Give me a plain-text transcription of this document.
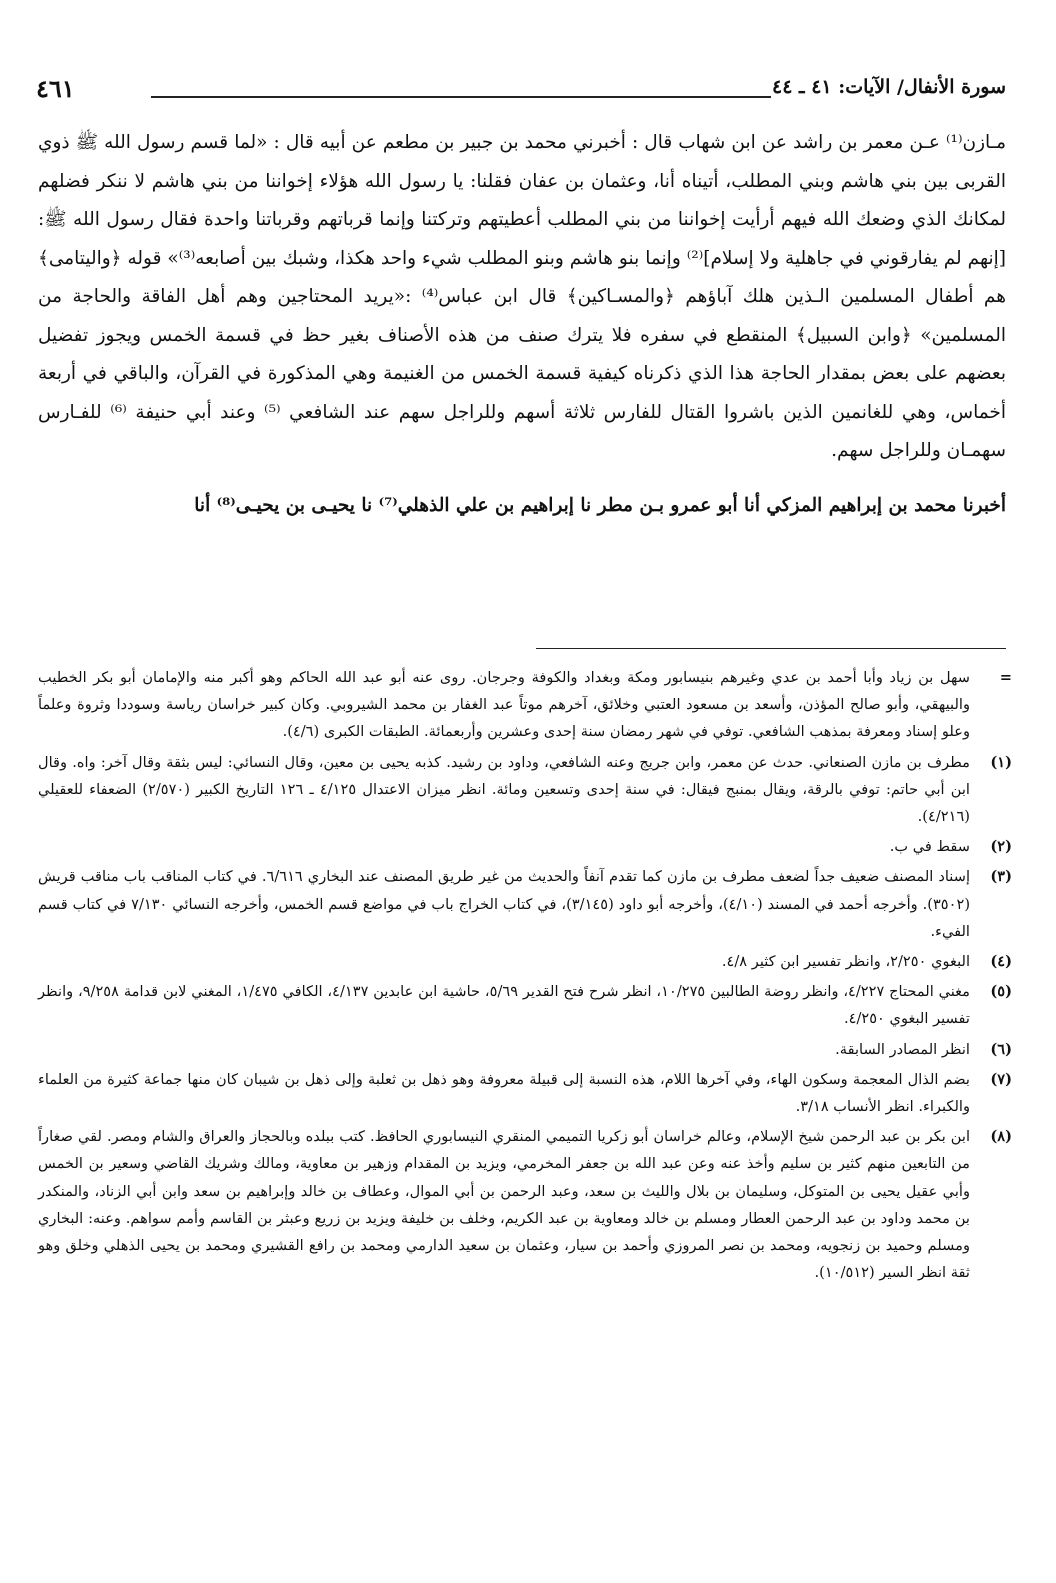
سورة الأنفال/ الآيات: ٤١ ـ ٤٤
٤٦١

مـازن⁽¹⁾ عـن معمر بن راشد عن ابن شهاب قال : أخبرني محمد بن جبير بن مطعم عن أبيه قال : «لما قسم رسول الله ﷺ ذوي القربى بين بني هاشم وبني المطلب، أتيناه أنا، وعثمان بن عفان فقلنا: يا رسول الله هؤلاء إخواننا من بني هاشم لا ننكر فضلهم لمكانك الذي وضعك الله فيهم أرأيت إخواننا من بني المطلب أعطيتهم وتركتنا وإنما قرباتهم وقرباتنا واحدة فقال رسول الله ﷺ: [إنهم لم يفارقوني في جاهلية ولا إسلام]⁽²⁾ وإنما بنو هاشم وبنو المطلب شيء واحد هكذا، وشبك بين أصابعه⁽³⁾» قوله ﴿واليتامى﴾ هم أطفال المسلمين الـذين هلك آباؤهم ﴿والمسـاكين﴾ قال ابن عباس⁽⁴⁾ :«يريد المحتاجين وهم أهل الفاقة والحاجة من المسلمين» ﴿وابن السبيل﴾ المنقطع في سفره فلا يترك صنف من هذه الأصناف بغير حظ في قسمة الخمس ويجوز تفضيل بعضهم على بعض بمقدار الحاجة هذا الذي ذكرناه كيفية قسمة الخمس من الغنيمة وهي المذكورة في القرآن، والباقي في أربعة أخماس، وهي للغانمين الذين باشروا القتال للفارس ثلاثة أسهم وللراجل سهم عند الشافعي ⁽⁵⁾ وعند أبي حنيفة ⁽⁶⁾ للفـارس سهمـان وللراجل سهم.

أخبرنا محمد بن إبراهيم المزكي أنا أبو عمرو بـن مطر نا إبراهيم بن علي الذهلي⁽⁷⁾ نا يحيـى بن يحيـى⁽⁸⁾ أنا

=
سهل بن زياد وأبا أحمد بن عدي وغيرهم بنيسابور ومكة وبغداد والكوفة وجرجان. روى عنه أبو عبد الله الحاكم وهو أكبر منه والإمامان أبو بكر الخطيب والبيهقي، وأبو صالح المؤذن، وأسعد بن مسعود العتبي وخلائق، آخرهم موتاً عبد الغفار بن محمد الشيروبي. وكان كبير خراسان رياسة وسوددا وثروة وعلماً وعلو إسناد ومعرفة بمذهب الشافعي. توفي في شهر رمضان سنة إحدى وعشرين وأربعمائة. الطبقات الكبرى (٤/٦).
(١)
مطرف بن مازن الصنعاني. حدث عن معمر، وابن جريج وعنه الشافعي، وداود بن رشيد. كذبه يحيى بن معين، وقال النسائي: ليس بثقة وقال آخر: واه. وقال ابن أبي حاتم: توفي بالرقة، ويقال بمنبج فيقال: في سنة إحدى وتسعين ومائة. انظر ميزان الاعتدال ٤/١٢٥ ـ ١٢٦ التاريخ الكبير (٢/٥٧٠) الضعفاء للعقيلي (٤/٢١٦).
(٢)
سقط في ب.
(٣)
إسناد المصنف ضعيف جداً لضعف مطرف بن مازن كما تقدم آنفاً والحديث من غير طريق المصنف عند البخاري ٦/٦١٦. في كتاب المناقب باب مناقب قريش (٣٥٠٢). وأخرجه أحمد في المسند (٤/١٠)، وأخرجه أبو داود (٣/١٤٥)، في كتاب الخراج باب في مواضع قسم الخمس، وأخرجه النسائي ٧/١٣٠ في كتاب قسم الفيء.
(٤)
البغوي ٢/٢٥٠، وانظر تفسير ابن كثير ٤/٨.
(٥)
مغني المحتاج ٤/٢٢٧، وانظر روضة الطالبين ١٠/٢٧٥، انظر شرح فتح القدير ٥/٦٩، حاشية ابن عابدين ٤/١٣٧، الكافي ١/٤٧٥، المغني لابن قدامة ٩/٢٥٨، وانظر تفسير البغوي ٤/٢٥٠.
(٦)
انظر المصادر السابقة.
(٧)
بضم الذال المعجمة وسكون الهاء، وفي آخرها اللام، هذه النسبة إلى قبيلة معروفة وهو ذهل بن ثعلبة وإلى ذهل بن شيبان كان منها جماعة كثيرة من العلماء والكبراء. انظر الأنساب ٣/١٨.
(٨)
ابن بكر بن عبد الرحمن شيخ الإسلام، وعالم خراسان أبو زكريا التميمي المنقري النيسابوري الحافظ. كتب ببلده وبالحجاز والعراق والشام ومصر. لقي صغاراً من التابعين منهم كثير بن سليم وأخذ عنه وعن عبد الله بن جعفر المخرمي، ويزيد بن المقدام وزهير بن معاوية، ومالك وشريك القاضي وسعير بن الخمس وأبي عقيل يحيى بن المتوكل، وسليمان بن بلال والليث بن سعد، وعبد الرحمن بن أبي الموال، وعطاف بن خالد وإبراهيم بن سعد وابن أبي الزناد، والمنكدر بن محمد وداود بن عبد الرحمن العطار ومسلم بن خالد ومعاوية بن عبد الكريم، وخلف بن خليفة ويزيد بن زريع وعبثر بن القاسم وأمم سواهم. وعنه: البخاري ومسلم وحميد بن زنجويه، ومحمد بن نصر المروزي وأحمد بن سيار، وعثمان بن سعيد الدارمي ومحمد بن رافع القشيري ومحمد بن يحيى الذهلي وخلق وهو ثقة انظر السير (١٠/٥١٢).
